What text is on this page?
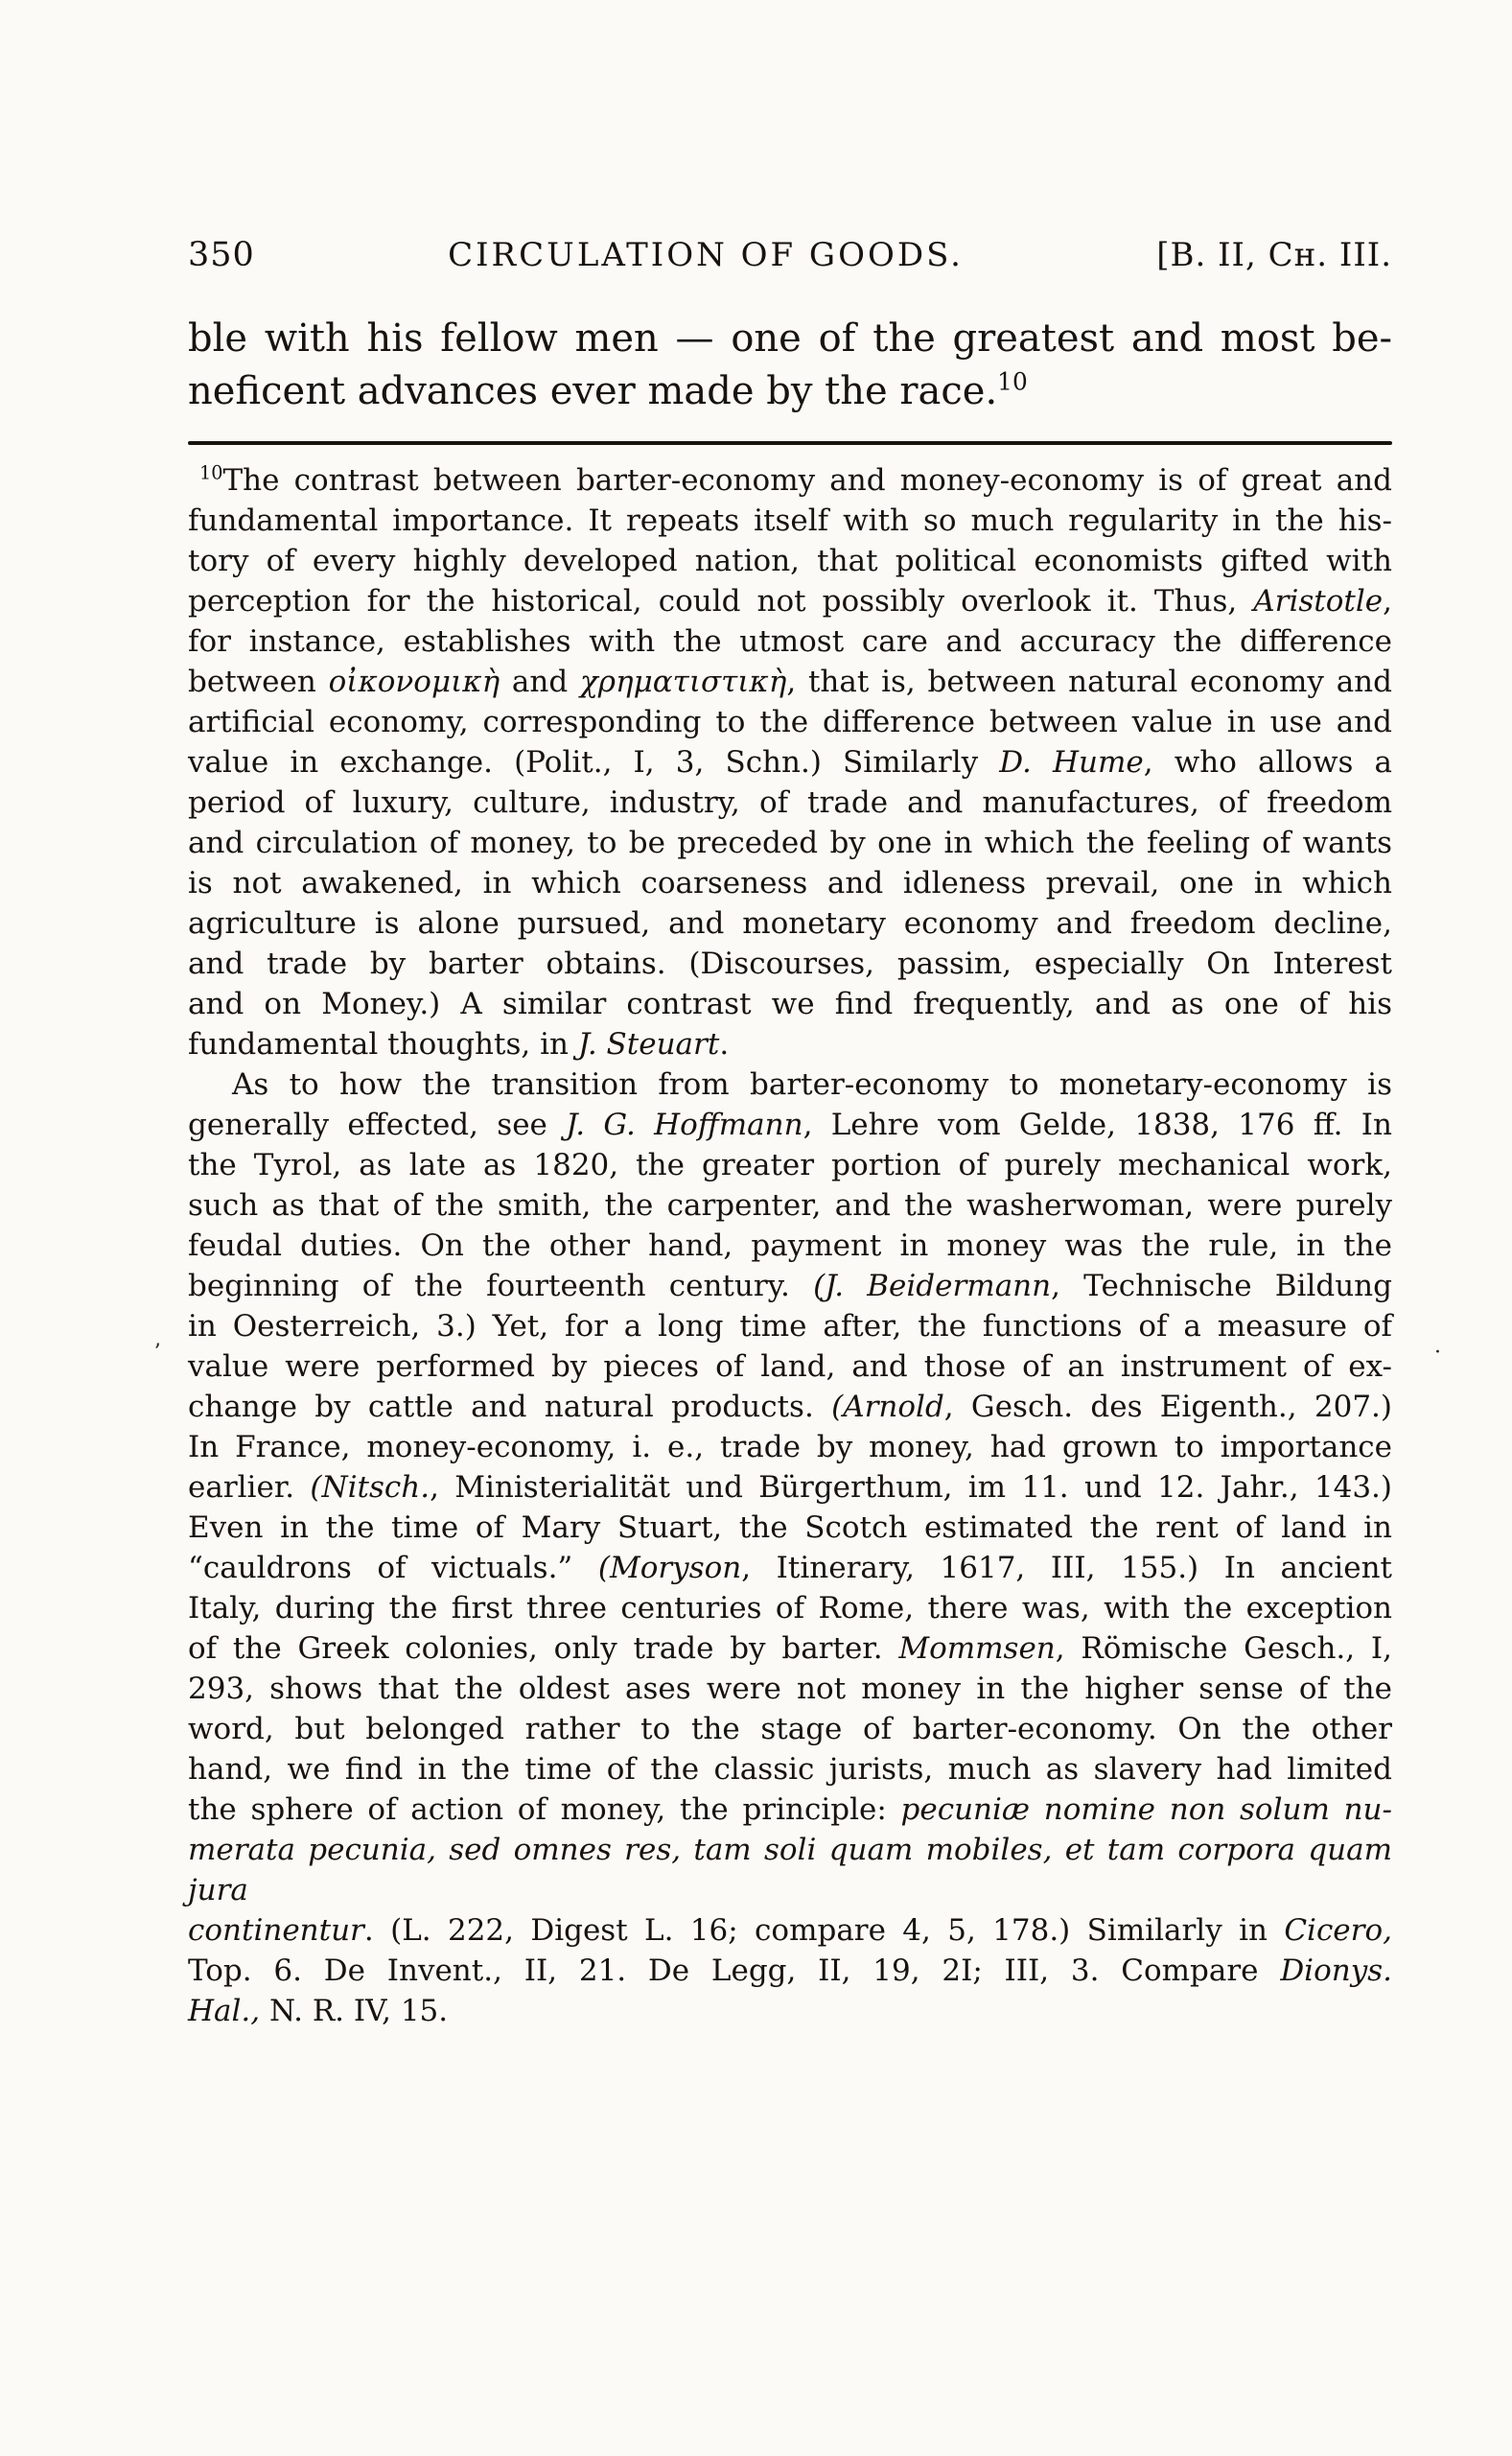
350	CIRCULATION OF GOODS.	[B. II, Cʜ. III.
ble with his fellow men — one of the greatest and most be-
neficent advances ever made by the race.$^{10}$
$^{10}$The contrast between barter-economy and money-economy is of great and
fundamental importance. It repeats itself with so much regularity in the his-
tory of every highly developed nation, that political economists gifted with
perception for the historical, could not possibly overlook it. Thus, Aristotle,
for instance, establishes with the utmost care and accuracy the difference
between οἰκονομικὴ and χρηματιστικὴ, that is, between natural economy and
artificial economy, corresponding to the difference between value in use and
value in exchange. (Polit., I, 3, Schn.) Similarly D. Hume, who allows a
period of luxury, culture, industry, of trade and manufactures, of freedom
and circulation of money, to be preceded by one in which the feeling of wants
is not awakened, in which coarseness and idleness prevail, one in which
agriculture is alone pursued, and monetary economy and freedom decline,
and trade by barter obtains. (Discourses, passim, especially On Interest
and on Money.) A similar contrast we find frequently, and as one of his
fundamental thoughts, in J. Steuart.
As to how the transition from barter-economy to monetary-economy is
generally effected, see J. G. Hoffmann, Lehre vom Gelde, 1838, 176 ff. In
the Tyrol, as late as 1820, the greater portion of purely mechanical work,
such as that of the smith, the carpenter, and the washerwoman, were purely
feudal duties. On the other hand, payment in money was the rule, in the
beginning of the fourteenth century. (J. Beidermann, Technische Bildung
in Oesterreich, 3.) Yet, for a long time after, the functions of a measure of
value were performed by pieces of land, and those of an instrument of ex-
change by cattle and natural products. (Arnold, Gesch. des Eigenth., 207.)
In France, money-economy, i. e., trade by money, had grown to importance
earlier. (Nitsch., Ministerialität und Bürgerthum, im 11. und 12. Jahr., 143.)
Even in the time of Mary Stuart, the Scotch estimated the rent of land in
“cauldrons of victuals.” (Moryson, Itinerary, 1617, III, 155.) In ancient
Italy, during the first three centuries of Rome, there was, with the exception
of the Greek colonies, only trade by barter. Mommsen, Römische Gesch., I,
293, shows that the oldest ases were not money in the higher sense of the
word, but belonged rather to the stage of barter-economy. On the other
hand, we find in the time of the classic jurists, much as slavery had limited
the sphere of action of money, the principle: pecuniæ nomine non solum nu-
merata pecunia, sed omnes res, tam soli quam mobiles, et tam corpora quam jura
continentur. (L. 222, Digest L. 16; compare 4, 5, 178.) Similarly in Cicero,
Top. 6. De Invent., II, 21. De Legg, II, 19, 2I; III, 3. Compare Dionys.
Hal., N. R. IV, 15.
ʼ	·
